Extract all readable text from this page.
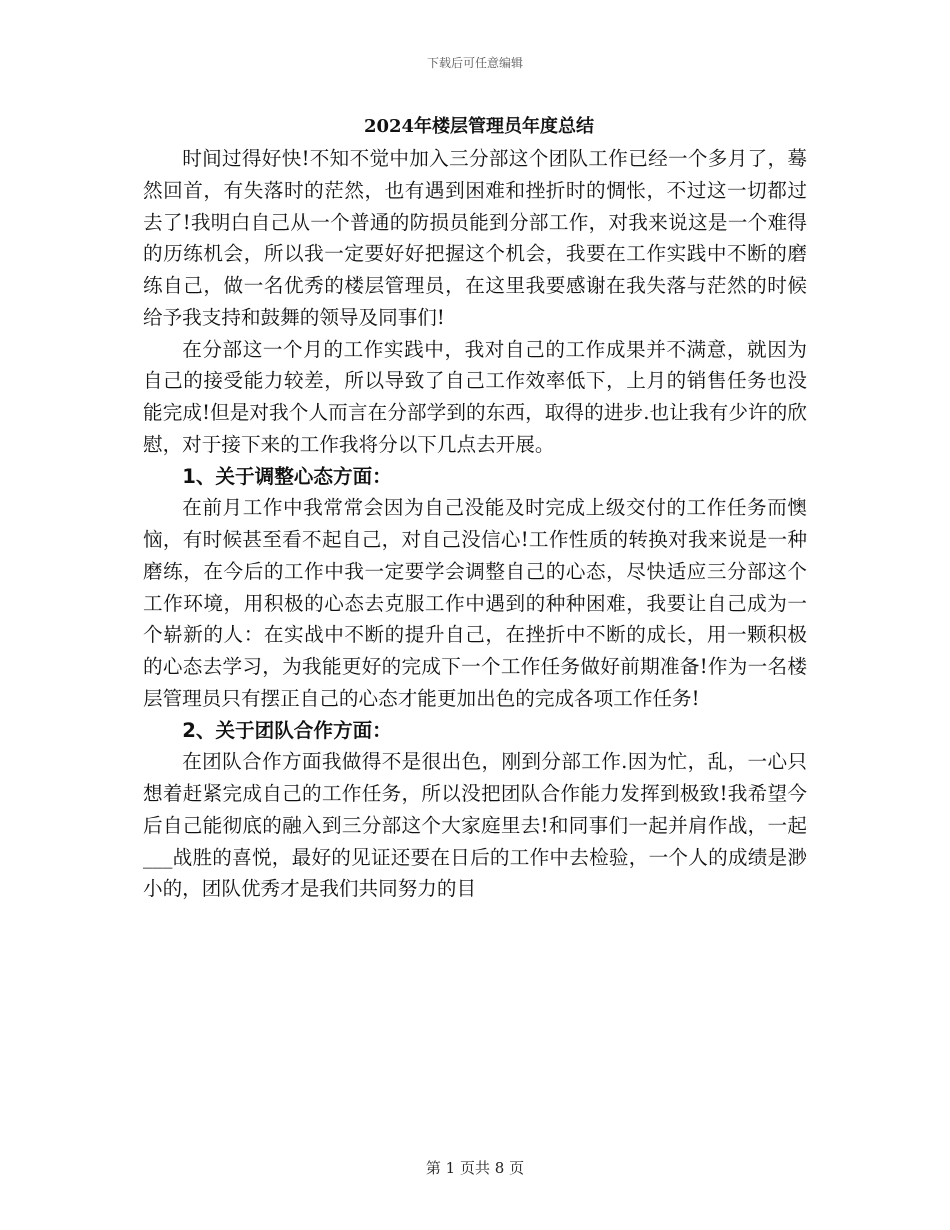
下载后可任意编辑
2024年楼层管理员年度总结

时间过得好快!不知不觉中加入三分部这个团队工作已经一个多月了，蓦然回首，有失落时的茫然，也有遇到困难和挫折时的惆怅，不过这一切都过去了!我明白自己从一个普通的防损员能到分部工作，对我来说这是一个难得的历练机会，所以我一定要好好把握这个机会，我要在工作实践中不断的磨练自己，做一名优秀的楼层管理员，在这里我要感谢在我失落与茫然的时候给予我支持和鼓舞的领导及同事们!

在分部这一个月的工作实践中，我对自己的工作成果并不满意，就因为自己的接受能力较差，所以导致了自己工作效率低下，上月的销售任务也没能完成!但是对我个人而言在分部学到的东西，取得的进步.也让我有少许的欣慰，对于接下来的工作我将分以下几点去开展。

1、关于调整心态方面：

在前月工作中我常常会因为自己没能及时完成上级交付的工作任务而懊恼，有时候甚至看不起自己，对自己没信心!工作性质的转换对我来说是一种磨练，在今后的工作中我一定要学会调整自己的心态，尽快适应三分部这个工作环境，用积极的心态去克服工作中遇到的种种困难，我要让自己成为一个崭新的人：在实战中不断的提升自己，在挫折中不断的成长，用一颗积极的心态去学习，为我能更好的完成下一个工作任务做好前期准备!作为一名楼层管理员只有摆正自己的心态才能更加出色的完成各项工作任务!

2、关于团队合作方面：

在团队合作方面我做得不是很出色，刚到分部工作.因为忙，乱，一心只想着赶紧完成自己的工作任务，所以没把团队合作能力发挥到极致!我希望今后自己能彻底的融入到三分部这个大家庭里去!和同事们一起并肩作战，一起___战胜的喜悦，最好的见证还要在日后的工作中去检验，一个人的成绩是渺小的，团队优秀才是我们共同努力的目

第 1 页共 8 页
